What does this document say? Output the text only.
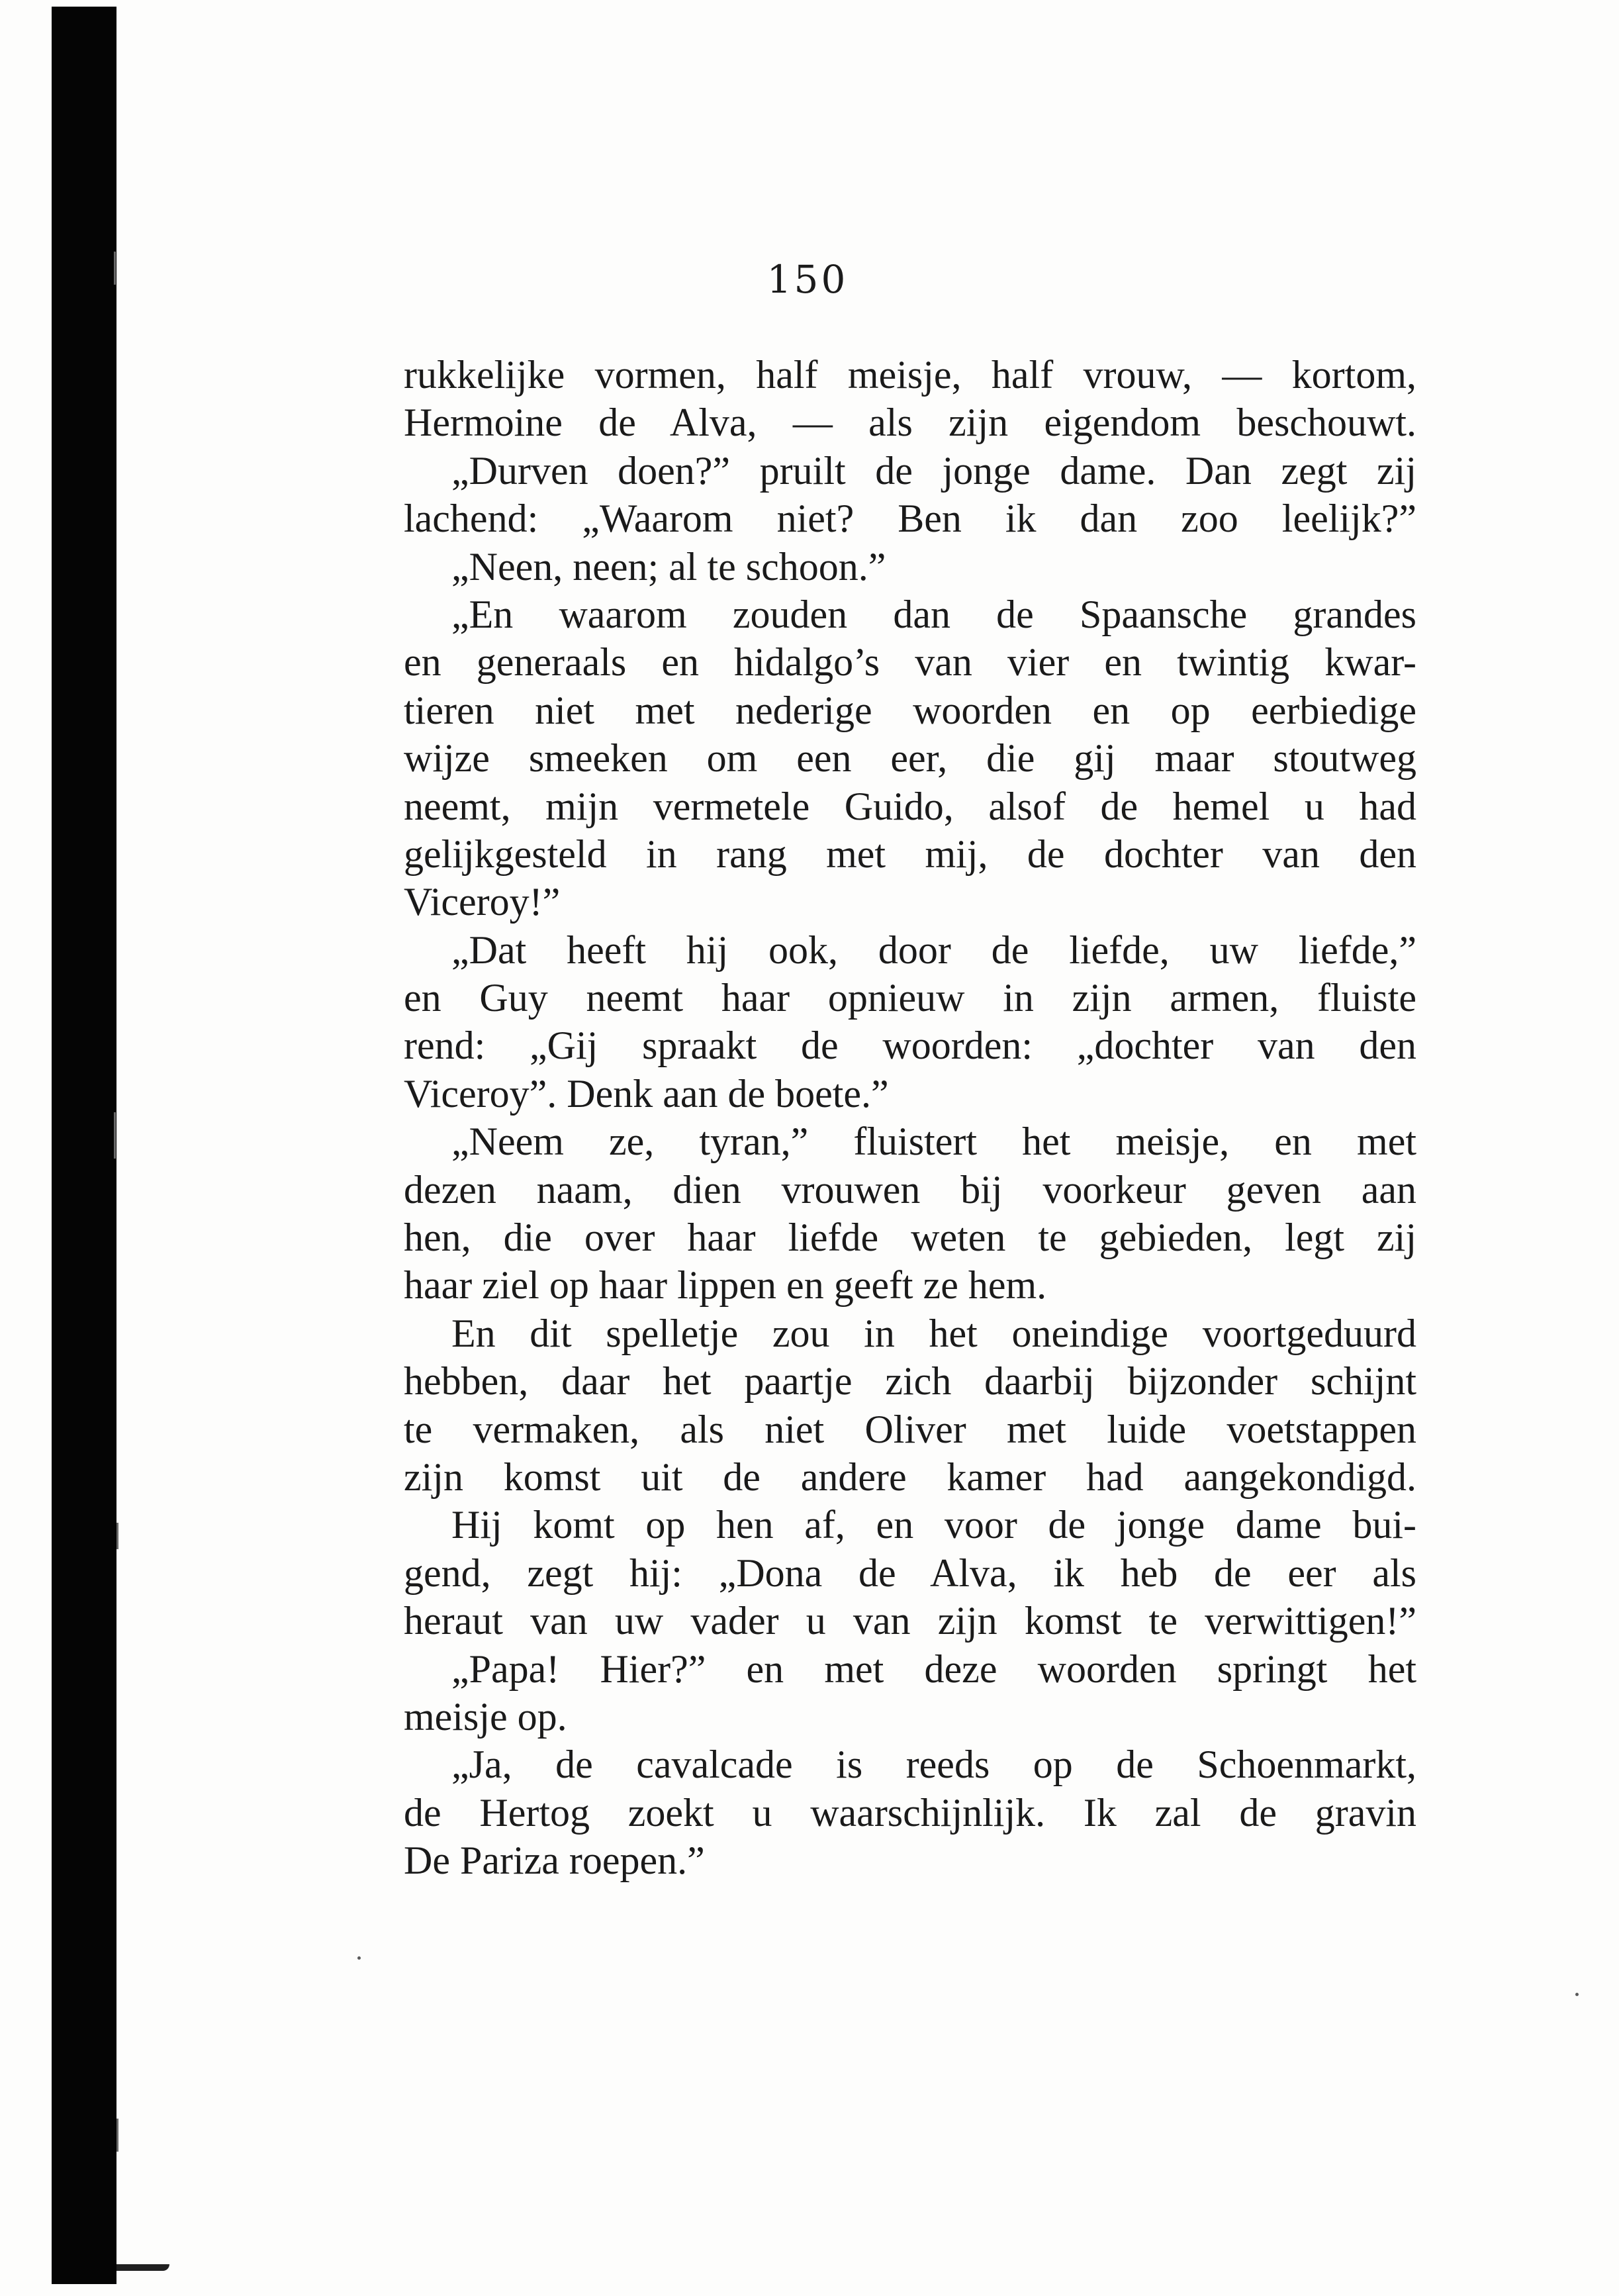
150
rukkelijke vormen, half meisje, half vrouw, — kortom,
Hermoine de Alva, — als zijn eigendom beschouwt.
„Durven doen?” pruilt de jonge dame. Dan zegt zij
lachend: „Waarom niet? Ben ik dan zoo leelijk?”
„Neen, neen; al te schoon.”
„En waarom zouden dan de Spaansche grandes
en generaals en hidalgo’s van vier en twintig kwar-
tieren niet met nederige woorden en op eerbiedige
wijze smeeken om een eer, die gij maar stoutweg
neemt, mijn vermetele Guido, alsof de hemel u had
gelijkgesteld in rang met mij, de dochter van den
Viceroy!”
„Dat heeft hij ook, door de liefde, uw liefde,”
en Guy neemt haar opnieuw in zijn armen, fluiste
rend: „Gij spraakt de woorden: „dochter van den
Viceroy”. Denk aan de boete.”
„Neem ze, tyran,” fluistert het meisje, en met
dezen naam, dien vrouwen bij voorkeur geven aan
hen, die over haar liefde weten te gebieden, legt zij
haar ziel op haar lippen en geeft ze hem.
En dit spelletje zou in het oneindige voortgeduurd
hebben, daar het paartje zich daarbij bijzonder schijnt
te vermaken, als niet Oliver met luide voetstappen
zijn komst uit de andere kamer had aangekondigd.
Hij komt op hen af, en voor de jonge dame bui-
gend, zegt hij: „Dona de Alva, ik heb de eer als
heraut van uw vader u van zijn komst te verwittigen!”
„Papa! Hier?” en met deze woorden springt het
meisje op.
„Ja, de cavalcade is reeds op de Schoenmarkt,
de Hertog zoekt u waarschijnlijk. Ik zal de gravin
De Pariza roepen.”
